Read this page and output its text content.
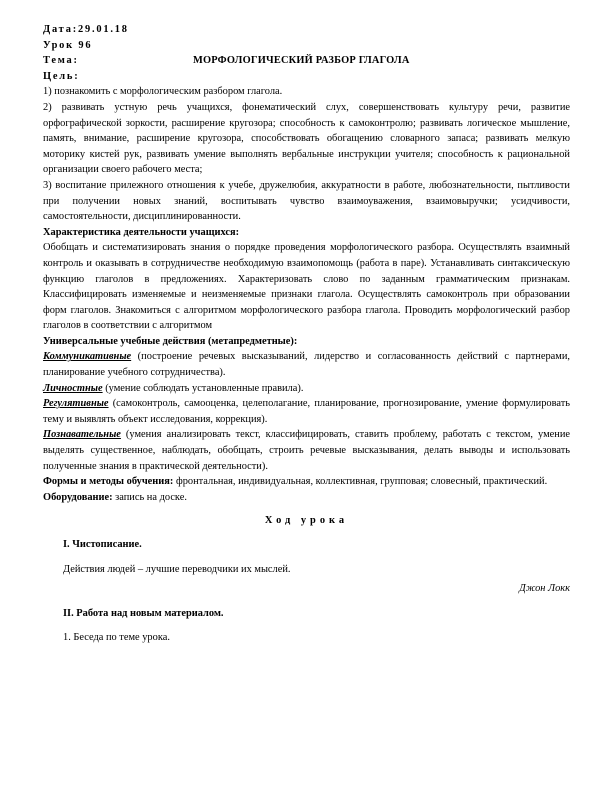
Дата:29.01.18

Урок 96

Тема:	МОРФОЛОГИЧЕСКИЙ РАЗБОР ГЛАГОЛА

Цель:

1) познакомить с морфологическим разбором глагола.

2) развивать устную речь учащихся, фонематический слух, совершенствовать культуру речи, развитие орфографической зоркости, расширение кругозора; способность к самоконтролю; развивать логическое мышление, память, внимание, расширение кругозора, способствовать обогащению словарного запаса; развивать мелкую моторику кистей рук, развивать умение выполнять вербальные инструкции учителя; способность к рациональной организации своего рабочего места;

3) воспитание прилежного отношения к учебе, дружелюбия, аккуратности в работе, любознательности, пытливости при получении новых знаний, воспитывать чувство взаимоуважения, взаимовыручки; усидчивости, самостоятельности, дисциплинированности.

Характеристика деятельности учащихся:

Обобщать и систематизировать знания о порядке проведения морфологического разбора. Осуществлять взаимный контроль и оказывать в сотрудничестве необходимую взаимопомощь (работа в паре). Устанавливать синтаксическую функцию глаголов в предложениях. Характеризовать слово по заданным грамматическим признакам. Классифицировать изменяемые и неизменяемые признаки глагола. Осуществлять самоконтроль при образовании форм глаголов. Знакомиться с алгоритмом морфологического разбора глагола. Проводить морфологический разбор глаголов в соответствии с алгоритмом

Универсальные учебные действия (метапредметные):

Коммуникативные (построение речевых высказываний, лидерство и согласованность действий с партнерами, планирование учебного сотрудничества).

Личностные (умение соблюдать установленные правила).

Регулятивные (самоконтроль, самооценка, целеполагание, планирование, прогнозирование, умение формулировать тему и выявлять объект исследования, коррекция).

Познавательные (умения анализировать текст, классифицировать, ставить проблему, работать с текстом, умение выделять существенное, наблюдать, обобщать, строить речевые высказывания, делать выводы и использовать полученные знания в практической деятельности).

Формы и методы обучения: фронтальная, индивидуальная, коллективная, групповая; словесный, практический.

Оборудование: запись на доске.

Ход урока

I. Чистописание.

Действия людей – лучшие переводчики их мыслей.

Джон Локк

II. Работа над новым материалом.

1. Беседа по теме урока.
